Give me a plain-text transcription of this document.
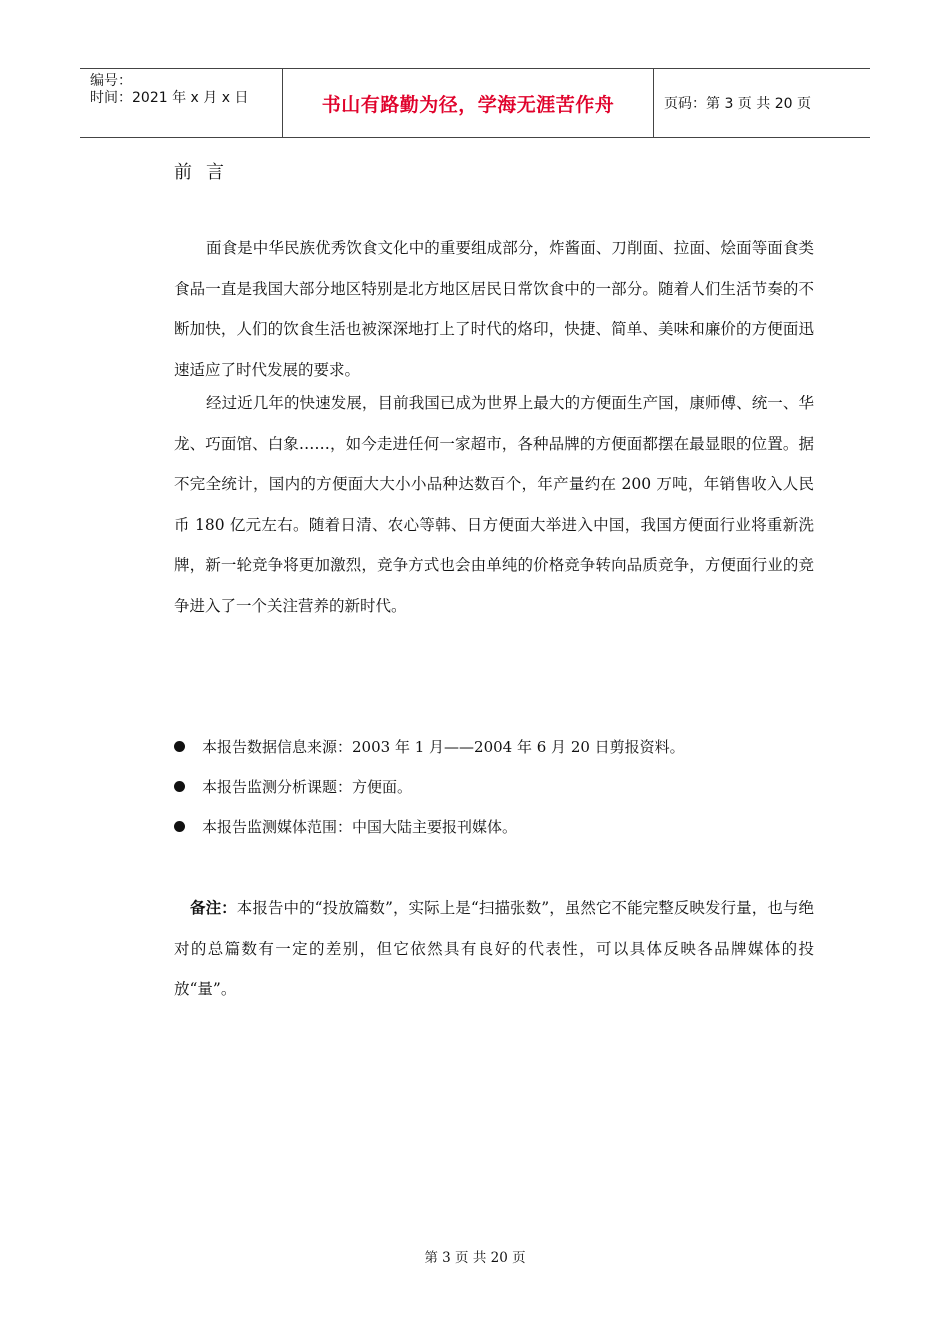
编号：
时间：2021 年 x 月 x 日	书山有路勤为径，学海无涯苦作舟	页码：第 3 页 共 20 页
前言

面食是中华民族优秀饮食文化中的重要组成部分，炸酱面、刀削面、拉面、烩面等面食类食品一直是我国大部分地区特别是北方地区居民日常饮食中的一部分。随着人们生活节奏的不断加快，人们的饮食生活也被深深地打上了时代的烙印，快捷、简单、美味和廉价的方便面迅速适应了时代发展的要求。

经过近几年的快速发展，目前我国已成为世界上最大的方便面生产国，康师傅、统一、华龙、巧面馆、白象……，如今走进任何一家超市，各种品牌的方便面都摆在最显眼的位置。据不完全统计，国内的方便面大大小小品种达数百个，年产量约在 200 万吨，年销售收入人民币 180 亿元左右。随着日清、农心等韩、日方便面大举进入中国，我国方便面行业将重新洗牌，新一轮竞争将更加激烈，竞争方式也会由单纯的价格竞争转向品质竞争，方便面行业的竞争进入了一个关注营养的新时代。

本报告数据信息来源：2003 年 1 月——2004 年 6 月 20 日剪报资料。
本报告监测分析课题：方便面。
本报告监测媒体范围：中国大陆主要报刊媒体。

备注：本报告中的“投放篇数”，实际上是“扫描张数”，虽然它不能完整反映发行量，也与绝对的总篇数有一定的差别，但它依然具有良好的代表性，可以具体反映各品牌媒体的投放“量”。

第 3 页 共 20 页
